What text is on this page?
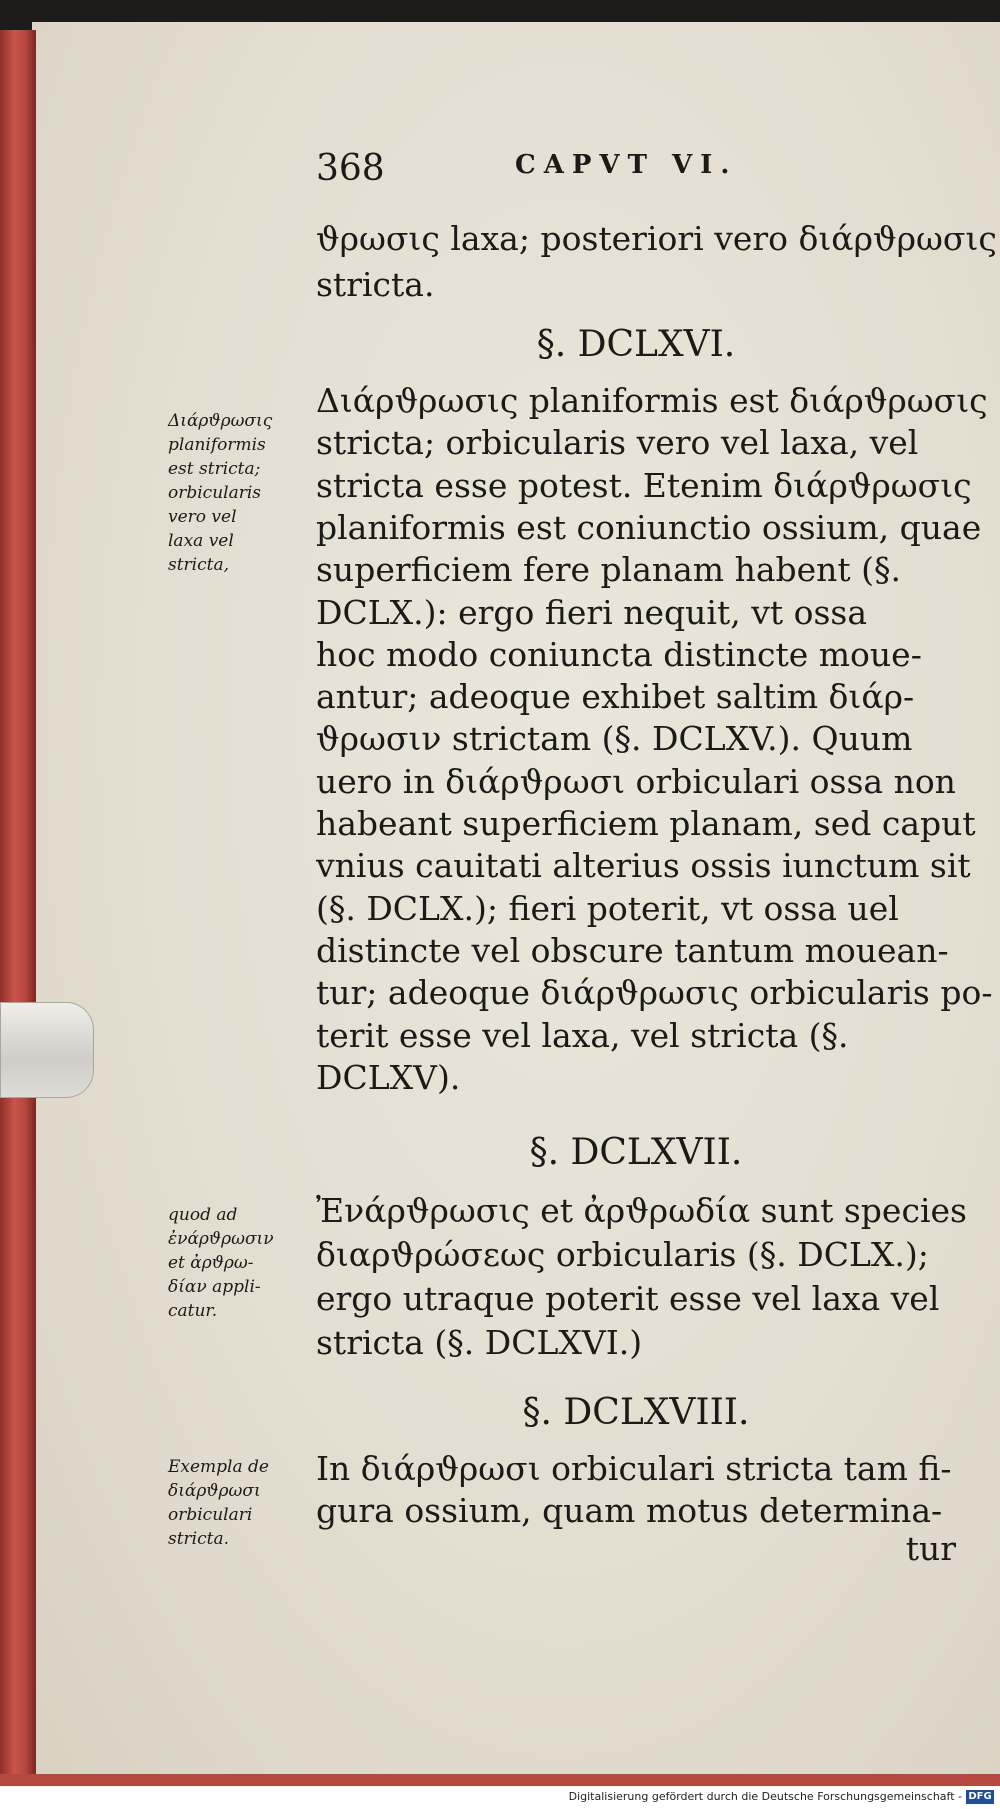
368	CAPVT VI.
ϑρωσις laxa; posteriori vero διάρϑρωσις
stricta.
§. DCLXVI.
Διάρϑρωσις planiformis est διάρϑρωσις
stricta; orbicularis vero vel laxa, vel
stricta esse potest. Etenim διάρϑρωσις
planiformis est coniunctio ossium, quae
superficiem fere planam habent (§.
DCLX.): ergo fieri nequit, vt ossa
hoc modo coniuncta distincte moue-
antur; adeoque exhibet saltim διάρ-
ϑρωσιν strictam (§. DCLXV.). Quum
uero in διάρϑρωσι orbiculari ossa non
habeant superficiem planam, sed caput
vnius cauitati alterius ossis iunctum sit
(§. DCLX.); fieri poterit, vt ossa uel
distincte vel obscure tantum mouean-
tur; adeoque διάρϑρωσις orbicularis po-
terit esse vel laxa, vel stricta (§.
DCLXV).
Διάρϑρωσις
planiformis
est stricta;
orbicularis
vero vel
laxa vel
stricta,
§. DCLXVII.
Ἐνάρϑρωσις et ἀρϑρωδία sunt species
διαρϑρώσεως orbicularis (§. DCLX.);
ergo utraque poterit esse vel laxa vel
stricta (§. DCLXVI.)
quod ad
ἐνάρϑρωσιν
et ἀρϑρω-
δίαν appli-
catur.
§. DCLXVIII.
In διάρϑρωσι orbiculari stricta tam fi-
gura ossium, quam motus determina-
Exempla de
διάρϑρωσι
orbiculari
stricta.	tur
Digitalisierung gefördert durch die Deutsche Forschungsgemeinschaft - DFG
